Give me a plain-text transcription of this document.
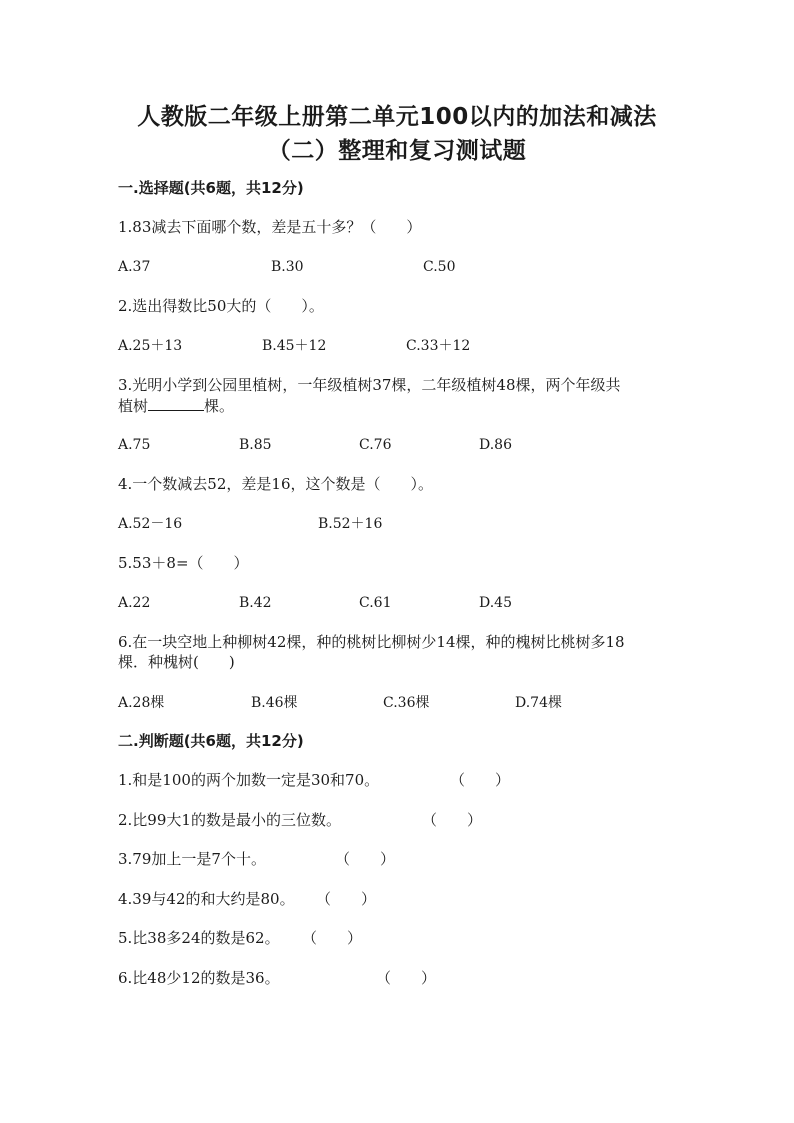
人教版二年级上册第二单元100以内的加法和减法
（二）整理和复习测试题
一.选择题(共6题，共12分)
1.83减去下面哪个数，差是五十多？（　　）
A.37	B.30	C.50
2.选出得数比50大的（　　）。
A.25＋13	B.45＋12	C.33＋12
3.光明小学到公园里植树，一年级植树37棵，二年级植树48棵，两个年级共
植树	棵。
A.75	B.85	C.76	D.86
4.一个数减去52，差是16，这个数是（　　）。
A.52－16	B.52＋16
5.53＋8=（　　）
A.22	B.42	C.61	D.45
6.在一块空地上种柳树42棵，种的桃树比柳树少14棵，种的槐树比桃树多18
棵．种槐树(　　)
A.28棵	B.46棵	C.36棵	D.74棵
二.判断题(共6题，共12分)
1.和是100的两个加数一定是30和70。	（　　）
2.比99大1的数是最小的三位数。	（　　）
3.79加上一是7个十。	（　　）
4.39与42的和大约是80。 （　　）
5.比38多24的数是62。 （　　）
6.比48少12的数是36。	（　　）
